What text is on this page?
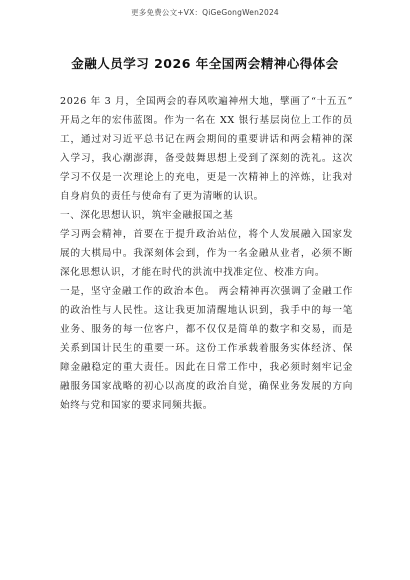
更多免费公文+VX：QiGeGongWen2024
金融人员学习 2026 年全国两会精神心得体会

2026 年 3 月，全国两会的春风吹遍神州大地，擘画了“十五五” 开局之年的宏伟蓝图。作为一名在 XX 银行基层岗位上工作的员工，通过对习近平总书记在两会期间的重要讲话和两会精神的深入学习，我心潮澎湃，备受鼓舞思想上受到了深刻的洗礼。这次学习不仅是一次理论上的充电，更是一次精神上的淬炼，让我对自身肩负的责任与使命有了更为清晰的认识。

一、深化思想认识，筑牢金融报国之基

学习两会精神，首要在于提升政治站位，将个人发展融入国家发展的大棋局中。我深刻体会到，作为一名金融从业者，必须不断深化思想认识，才能在时代的洪流中找准定位、校准方向。

一是，坚守金融工作的政治本色。 两会精神再次强调了金融工作的政治性与人民性。这让我更加清醒地认识到，我手中的每一笔业务、服务的每一位客户，都不仅仅是简单的数字和交易，而是关系到国计民生的重要一环。这份工作承载着服务实体经济、保障金融稳定的重大责任。因此在日常工作中，我必须时刻牢记金融服务国家战略的初心以高度的政治自觉，确保业务发展的方向始终与党和国家的要求同频共振。
